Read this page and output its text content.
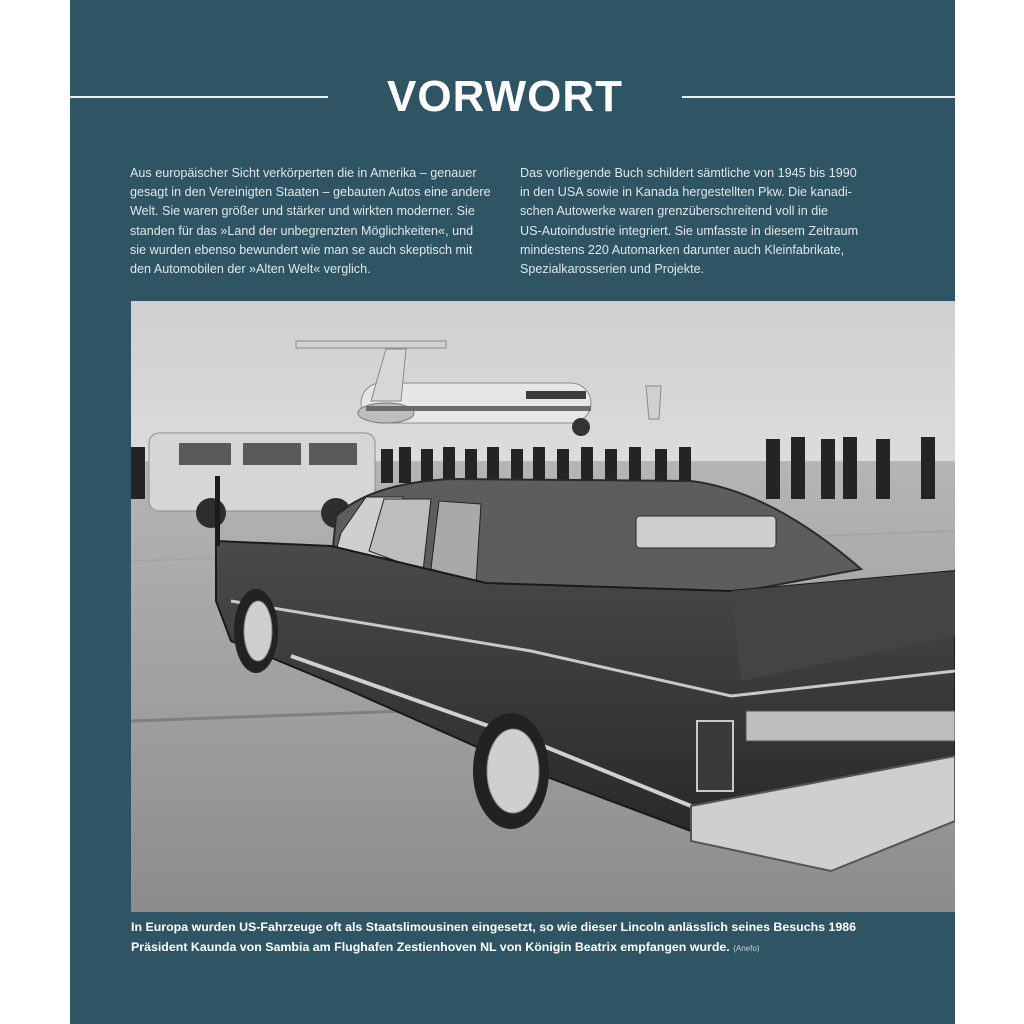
VORWORT

Aus europäischer Sicht verkörperten die in Amerika – genauer
gesagt in den Vereinigten Staaten – gebauten Autos eine andere
Welt. Sie waren größer und stärker und wirkten moderner. Sie
standen für das »Land der unbegrenzten Möglichkeiten«, und
sie wurden ebenso bewundert wie man se auch skeptisch mit
den Automobilen der »Alten Welt« verglich.

Das vorliegende Buch schildert sämtliche von 1945 bis 1990
in den USA sowie in Kanada hergestellten Pkw. Die kanadi-
schen Autowerke waren grenzüberschreitend voll in die
US-Autoindustrie integriert. Sie umfasste in diesem Zeitraum
mindestens 220 Automarken darunter auch Kleinfabrikate,
Spezialkarosserien und Projekte.

In Europa wurden US-Fahrzeuge oft als Staatslimousinen eingesetzt, so wie dieser Lincoln anlässlich seines Besuchs 1986 Präsident Kaunda von Sambia am Flughafen Zestienhoven NL von Königin Beatrix empfangen wurde. (Anefo)
